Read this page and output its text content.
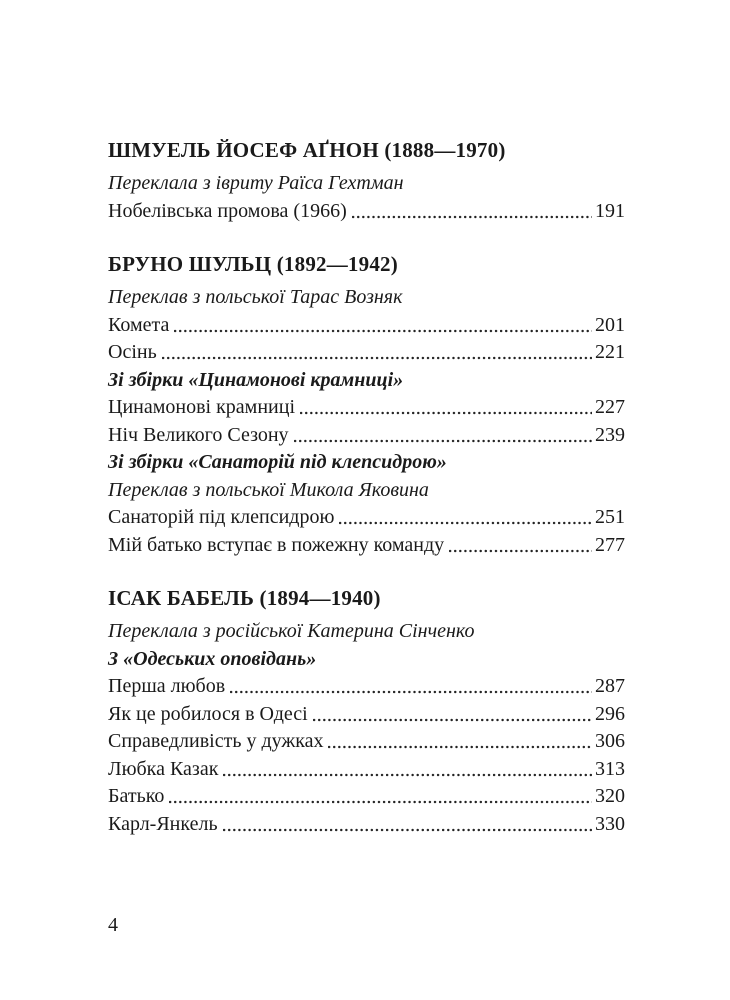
ШМУЕЛЬ ЙОСЕФ АҐНОН (1888—1970)
Переклала з івриту Раїса Гехтман
Нобелівська промова (1966)	191
БРУНО ШУЛЬЦ (1892—1942)
Переклав з польської Тарас Возняк
Комета	201
Осінь	221
Зі збірки «Цинамонові крамниці»
Цинамонові крамниці	227
Ніч Великого Сезону	239
Зі збірки «Санаторій під клепсидрою»
Переклав з польської Микола Яковина
Санаторій під клепсидрою	251
Мій батько вступає в пожежну команду	277
ІСАК БАБЕЛЬ (1894—1940)
Переклала з російської Катерина Сінченко
З «Одеських оповідань»
Перша любов	287
Як це робилося в Одесі	296
Справедливість у дужках	306
Любка Казак	313
Батько	320
Карл-Янкель	330
4
